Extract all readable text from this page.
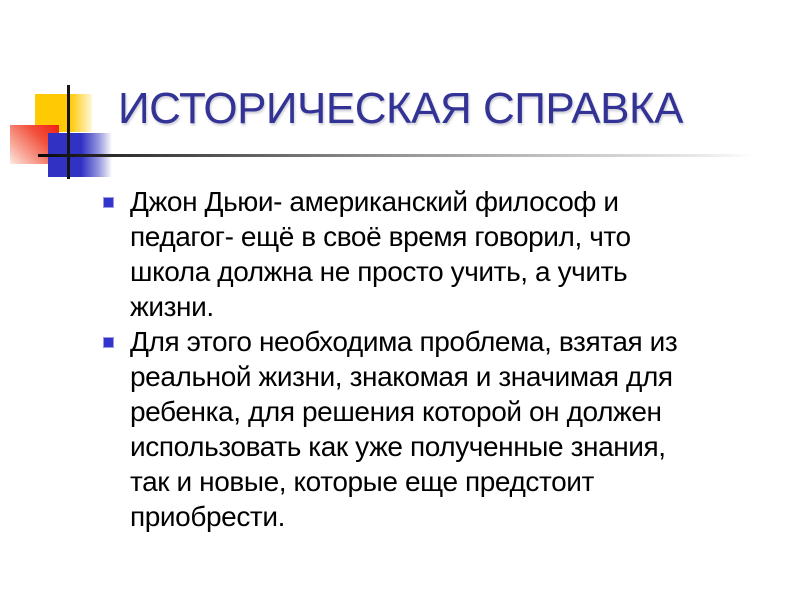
ИСТОРИЧЕСКАЯ СПРАВКА
Джон Дьюи- американский философ и
педагог- ещё в своё время говорил, что
школа должна не просто учить, а учить
жизни.
Для этого необходима проблема, взятая из
реальной жизни, знакомая и значимая для
ребенка, для решения которой он должен
использовать как уже полученные знания,
так и новые, которые еще предстоит
приобрести.
